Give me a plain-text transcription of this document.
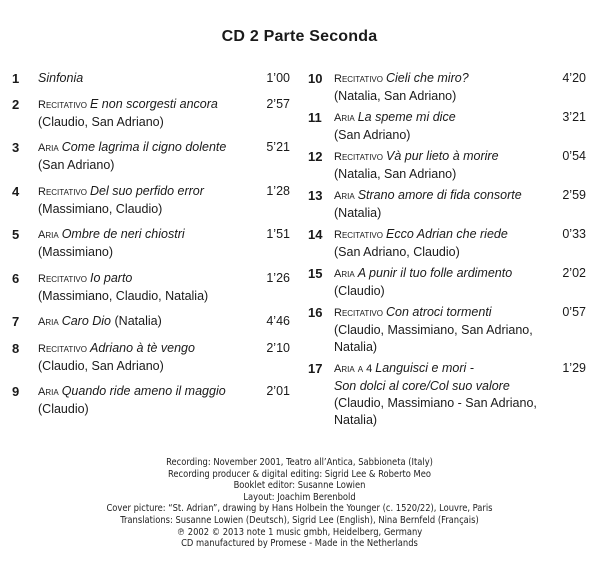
CD 2 Parte Seconda
1 Sinfonia	1’00
2 Recitativo E non scorgesti ancora
(Claudio, San Adriano)
2’57
3 Aria Come lagrima il cigno dolente
(San Adriano)
5’21
4 Recitativo Del suo perfido error
(Massimiano, Claudio)
1’28
5 Aria Ombre de neri chiostri (Massimiano)
1’51
6 Recitativo Io parto
(Massimiano, Claudio, Natalia)
1’26
7 Aria Caro Dio (Natalia)	4’46
8 Recitativo Adriano à tè vengo
(Claudio, San Adriano)
2’10
9 Aria Quando ride ameno il maggio
(Claudio)
2’01
10 Recitativo Cieli che miro?
(Natalia, San Adriano)
4’20
11 Aria La speme mi dice
(San Adriano)
3’21
12 Recitativo Và pur lieto à morire
(Natalia, San Adriano)
0’54
13 Aria Strano amore di fida consorte
(Natalia)
2’59
14 Recitativo Ecco Adrian che riede
(San Adriano, Claudio)
0’33
15 Aria A punir il tuo folle ardimento
(Claudio)
2’02
16 Recitativo Con atroci tormenti
(Claudio, Massimiano, San Adriano, Natalia)
0’57
17 Aria a 4 Languisci e mori -
Son dolci al core/Col suo valore
(Claudio, Massimiano - San Adriano, Natalia)
1’29
Recording: November 2001, Teatro all’Antica, Sabbioneta (Italy)
Recording producer & digital editing: Sigrid Lee & Roberto Meo
Booklet editor: Susanne Lowien
Layout: Joachim Berenbold
Cover picture: “St. Adrian”, drawing by Hans Holbein the Younger (c. 1520/22), Louvre, Paris
Translations: Susanne Lowien (Deutsch), Sigrid Lee (English), Nina Bernfeld (Français)
℗ 2002 © 2013 note 1 music gmbh, Heidelberg, Germany
CD manufactured by Promese - Made in the Netherlands
